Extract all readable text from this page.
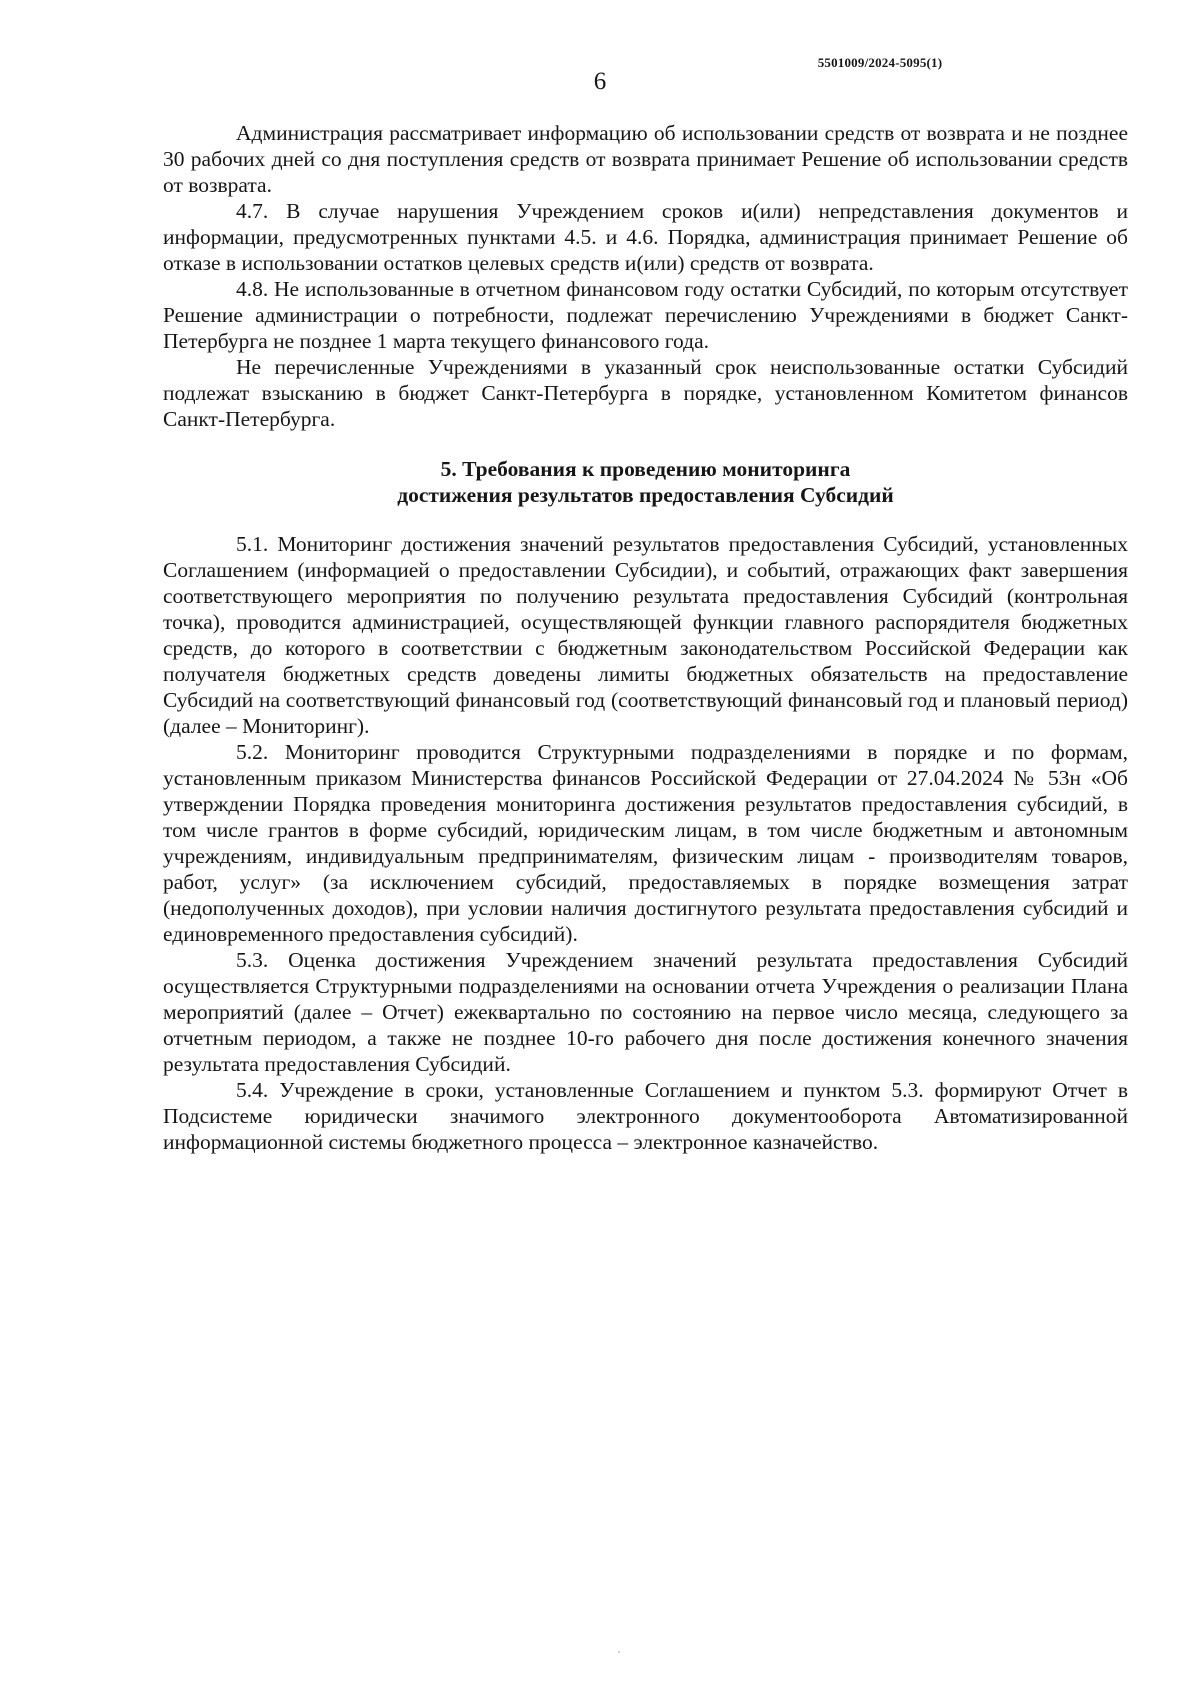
5501009/2024-5095(1)
6

Администрация рассматривает информацию об использовании средств от возврата и не позднее 30 рабочих дней со дня поступления средств от возврата принимает Решение об использовании средств от возврата.

4.7. В случае нарушения Учреждением сроков и(или) непредставления документов и информации, предусмотренных пунктами 4.5. и 4.6. Порядка, администрация принимает Решение об отказе в использовании остатков целевых средств и(или) средств от возврата.

4.8. Не использованные в отчетном финансовом году остатки Субсидий, по которым отсутствует Решение администрации о потребности, подлежат перечислению Учреждениями в бюджет Санкт-Петербурга не позднее 1 марта текущего финансового года.

Не перечисленные Учреждениями в указанный срок неиспользованные остатки Субсидий подлежат взысканию в бюджет Санкт-Петербурга в порядке, установленном Комитетом финансов Санкт-Петербурга.

5. Требования к проведению мониторинга
достижения результатов предоставления Субсидий

5.1. Мониторинг достижения значений результатов предоставления Субсидий, установленных Соглашением (информацией о предоставлении Субсидии), и событий, отражающих факт завершения соответствующего мероприятия по получению результата предоставления Субсидий (контрольная точка), проводится администрацией, осуществляющей функции главного распорядителя бюджетных средств, до которого в соответствии с бюджетным законодательством Российской Федерации как получателя бюджетных средств доведены лимиты бюджетных обязательств на предоставление Субсидий на соответствующий финансовый год (соответствующий финансовый год и плановый период) (далее – Мониторинг).

5.2. Мониторинг проводится Структурными подразделениями в порядке и по формам, установленным приказом Министерства финансов Российской Федерации от 27.04.2024 № 53н «Об утверждении Порядка проведения мониторинга достижения результатов предоставления субсидий, в том числе грантов в форме субсидий, юридическим лицам, в том числе бюджетным и автономным учреждениям, индивидуальным предпринимателям, физическим лицам - производителям товаров, работ, услуг» (за исключением субсидий, предоставляемых в порядке возмещения затрат (недополученных доходов), при условии наличия достигнутого результата предоставления субсидий и единовременного предоставления субсидий).

5.3. Оценка достижения Учреждением значений результата предоставления Субсидий осуществляется Структурными подразделениями на основании отчета Учреждения о реализации Плана мероприятий (далее – Отчет) ежеквартально по состоянию на первое число месяца, следующего за отчетным периодом, а также не позднее 10-го рабочего дня после достижения конечного значения результата предоставления Субсидий.

5.4. Учреждение в сроки, установленные Соглашением и пунктом 5.3. формируют Отчет в Подсистеме юридически значимого электронного документооборота Автоматизированной информационной системы бюджетного процесса – электронное казначейство.
